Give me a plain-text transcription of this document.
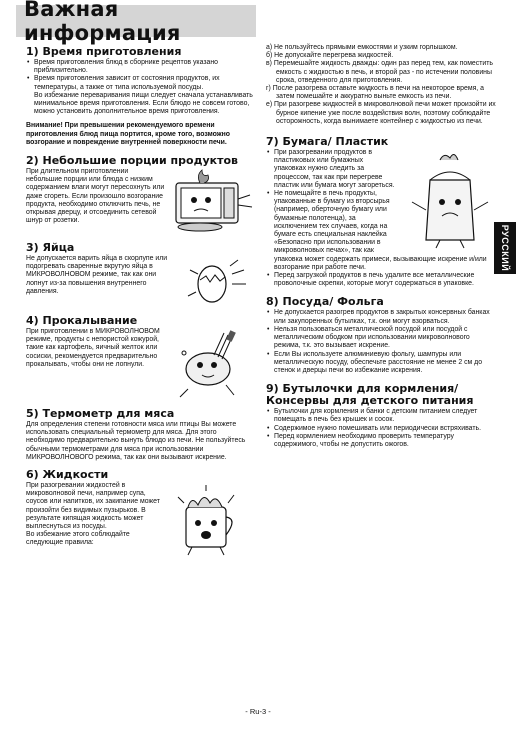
Важная информация
РУССКИЙ
1) Время приготовления
• Время приготовления блюд в сборнике рецептов указано приблизительно.
• Время приготовления зависит от состояния продуктов, их температуры, а также от типа используемой посуды.

Во избежание переваривания пищи следует сначала устанавливать минимальное время приготовления. Если блюдо не совсем готово, можно установить дополнительное время приготовления.

Внимание! При превышении рекомендуемого времени приготовления блюд пища портится, кроме того, возможно возгорание и повреждение внутренней поверхности печи.

2) Небольшие порции продуктов

При длительном приготовлении небольшие порции или блюда с низким содержанием влаги могут пересохнуть или даже сгореть. Если произошло возгорание продукта, необходимо отключить печь, не открывая дверцу, и отсоединить сетевой шнур от розетки.

3) Яйца

Не допускается варить яйца в скорлупе или подогревать сваренные вкрутую яйца в МИКРОВОЛНОВОМ режиме, так как они лопнут из-за повышения внутреннего давления.

4) Прокалывание

При приготовлении в МИКРОВОЛНОВОМ режиме, продукты с непористой кожурой, такие как картофель, яичный желток или сосиски, рекомендуется предварительно прокалывать, чтобы они не лопнули.

5) Термометр для мяса

Для определения степени готовности мяса или птицы Вы можете использовать специальный термометр для мяса. Для этого необходимо предварительно вынуть блюдо из печи. Не пользуйтесь обычными термометрами для мяса при использовании МИКРОВОЛНОВОГО режима, так как они вызывают искрение.

6) Жидкости

При разогревании жидкостей в микроволновой печи, например супа, соусов или напитков, их закипание может произойти без видимых пузырьков. В результате кипящая жидкость может выплеснуться из посуды.

Во избежание этого соблюдайте следующие правила:

а) Не пользуйтесь прямыми емкостями и узким горлышком.

б) Не допускайте перегрева жидкостей.

в) Перемешайте жидкость дважды: один раз перед тем, как поместить емкость с жидкостью в печь, и второй раз - по истечении половины срока, отведенного для приготовления.

г) После разогрева оставьте жидкость в печи на некоторое время, а затем помешайте и аккуратно выньте емкость из печи.

е) При разогреве жидкостей в микроволновой печи может произойти их бурное кипение уже после воздействия волн, поэтому соблюдайте осторожность, когда вынимаете контейнер с жидкостью из печи.

7) Бумага/ Пластик
• При разогревании продуктов в пластиковых или бумажных упаковках нужно следить за процессом, так как при перегреве пластик или бумага могут загореться.
• Не помещайте в печь продукты, упакованные в бумагу из вторсырья (например, оберточную бумагу или бумажные полотенца), за исключением тех случаев, когда на бумаге есть специальная наклейка «Безопасно при использовании в микроволновых печах», так как упаковка может содержать примеси, вызывающие искрение и/или возгорание при работе печи.
• Перед загрузкой продуктов в печь удалите все металлические проволочные скрепки, которые могут содержаться в упаковке.
8) Посуда/ Фольга
• Не допускается разогрев продуктов в закрытых консервных банках или закупоренных бутылках, т.к. они могут взорваться.
• Нельзя пользоваться металлической посудой или посудой с металлическим ободком при использовании микроволнового режима, т.к. это вызывает искрение.
• Если Вы используете алюминиевую фольгу, шампуры или металлическую посуду, обеспечьте расстояние не менее 2 см до стенок и дверцы печи во избежание искрения.
9) Бутылочки для кормления/ Консервы для детского питания
• Бутылочки для кормления и банки с детским питанием следует помещать в печь без крышек и сосок.
• Содержимое нужно помешивать или периодически встряхивать.
• Перед кормлением необходимо проверить температуру содержимого, чтобы не допустить ожогов.
- Ru-3 -
